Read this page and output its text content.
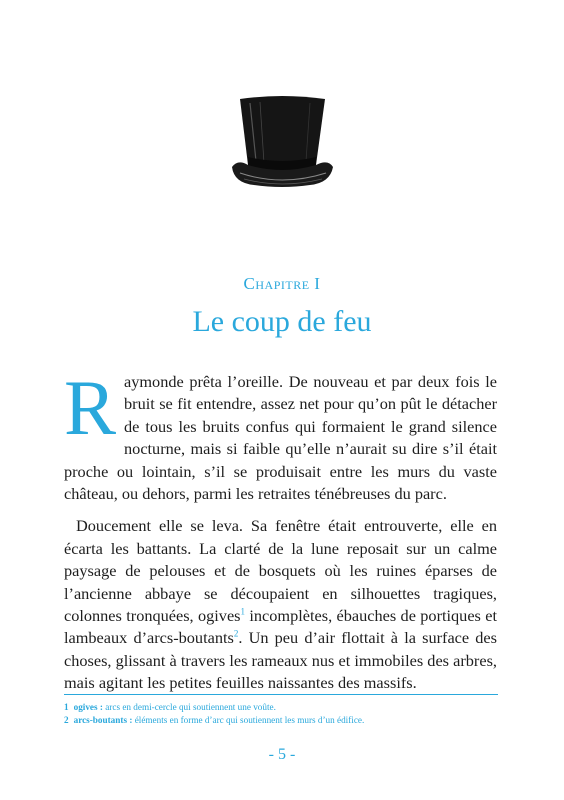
Chapitre I
Le coup de feu

Raymonde prêta l’oreille. De nouveau et par deux fois le bruit se fit entendre, assez net pour qu’on pût le détacher de tous les bruits confus qui formaient le grand silence nocturne, mais si faible qu’elle n’aurait su dire s’il était proche ou lointain, s’il se produisait entre les murs du vaste château, ou dehors, parmi les retraites ténébreuses du parc.

Doucement elle se leva. Sa fenêtre était entrouverte, elle en écarta les battants. La clarté de la lune reposait sur un calme paysage de pelouses et de bosquets où les ruines éparses de l’ancienne abbaye se découpaient en silhouettes tragiques, colonnes tronquées, ogives$^1$ incomplètes, ébauches de portiques et lambeaux d’arcs-boutants$^2$. Un peu d’air flottait à la surface des choses, glissant à travers les rameaux nus et immobiles des arbres, mais agitant les petites feuilles naissantes des massifs.

1 ogives : arcs en demi-cercle qui soutiennent une voûte.
2 arcs-boutants : éléments en forme d’arc qui soutiennent les murs d’un édifice.
- 5 -
